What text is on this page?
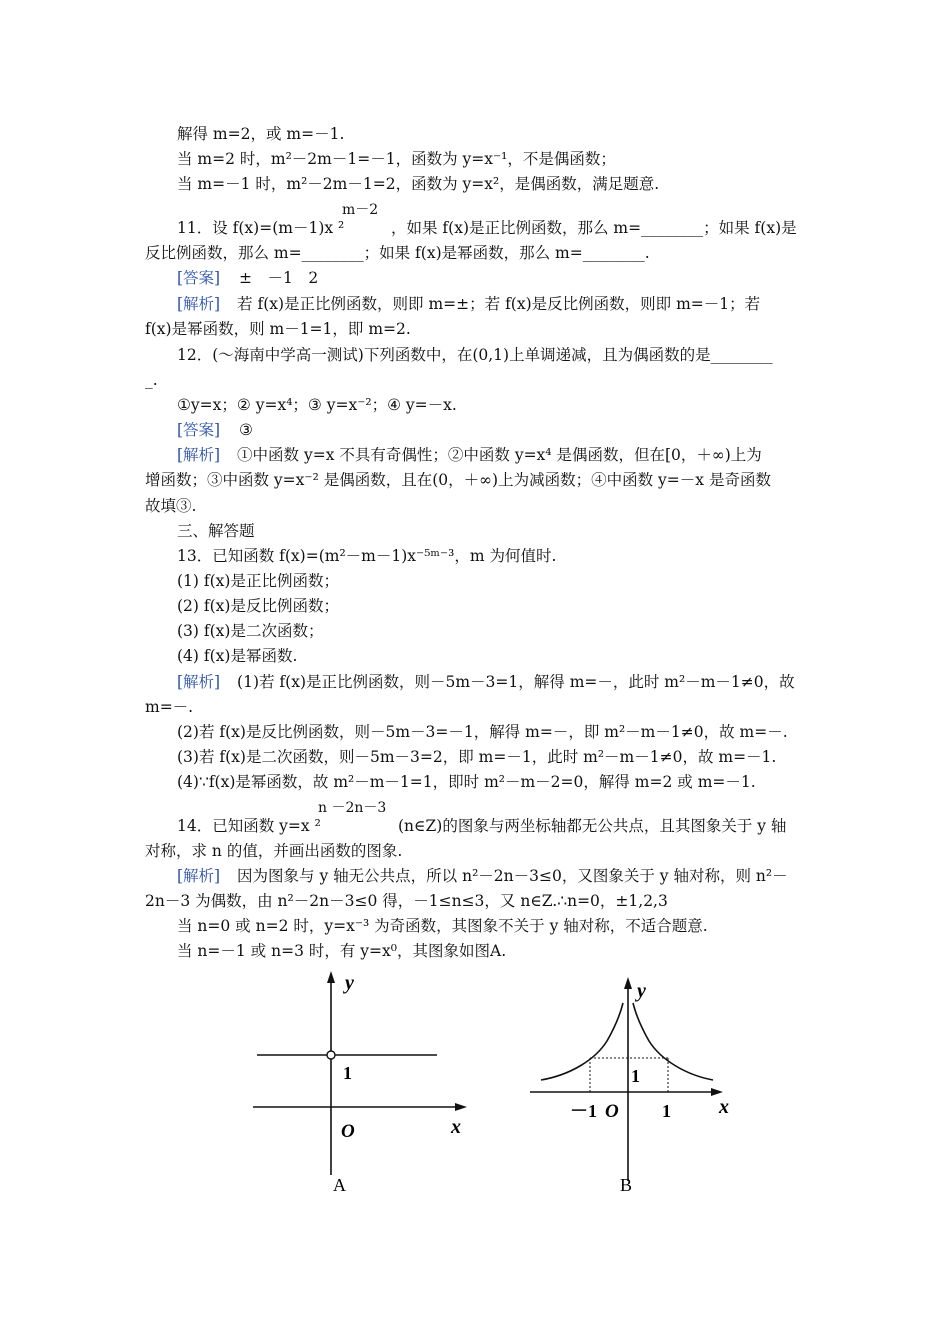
解得 m=2，或 m=－1.
当 m=2 时，m²－2m－1=－1，函数为 y=x⁻¹，不是偶函数；
当 m=－1 时，m²－2m－1=2，函数为 y=x²，是偶函数，满足题意.
m－2
11．设 f(x)=(m－1)x ²	，如果 f(x)是正比例函数，那么 m=________；如果 f(x)是
反比例函数，那么 m=________；如果 f(x)是幂函数，那么 m=________.
[答案] ±　－1　2
[解析] 若 f(x)是正比例函数，则即 m=±；若 f(x)是反比例函数，则即 m=－1；若
f(x)是幂函数，则 m－1=1，即 m=2.
12．(～海南中学高一测试)下列函数中，在(0,1)上单调递减，且为偶函数的是________
_.
①y=x；② y=x⁴；③ y=x⁻²；④ y=－x.
[答案] ③
[解析] ①中函数 y=x 不具有奇偶性；②中函数 y=x⁴ 是偶函数，但在[0，＋∞)上为
增函数；③中函数 y=x⁻² 是偶函数，且在(0，＋∞)上为减函数；④中函数 y=－x 是奇函数
故填③.
三、解答题
13．已知函数 f(x)=(m²－m－1)x⁻⁵ᵐ⁻³，m 为何值时.
(1) f(x)是正比例函数；
(2) f(x)是反比例函数；
(3) f(x)是二次函数；
(4) f(x)是幂函数.
[解析] (1)若 f(x)是正比例函数，则－5m－3=1，解得 m=－，此时 m²－m－1≠0，故
m=－.
(2)若 f(x)是反比例函数，则－5m－3=－1，解得 m=－，即 m²－m－1≠0，故 m=－.
(3)若 f(x)是二次函数，则－5m－3=2，即 m=－1，此时 m²－m－1≠0，故 m=－1.
(4)∵f(x)是幂函数，故 m²－m－1=1，即时 m²－m－2=0，解得 m=2 或 m=－1.
n －2n－3
14．已知函数 y=x ²	(n∈Z)的图象与两坐标轴都无公共点，且其图象关于 y 轴
对称，求 n 的值，并画出函数的图象.
[解析] 因为图象与 y 轴无公共点，所以 n²－2n－3≤0，又图象关于 y 轴对称，则 n²－
2n－3 为偶数，由 n²－2n－3≤0 得，－1≤n≤3，又 n∈Z.∴n=0，±1,2,3
当 n=0 或 n=2 时，y=x⁻³ 为奇函数，其图象不关于 y 轴对称，不适合题意.
当 n=－1 或 n=3 时，有 y=x⁰，其图象如图A.
y
1
O	x
A
y
1
－1 O 1 x
B
